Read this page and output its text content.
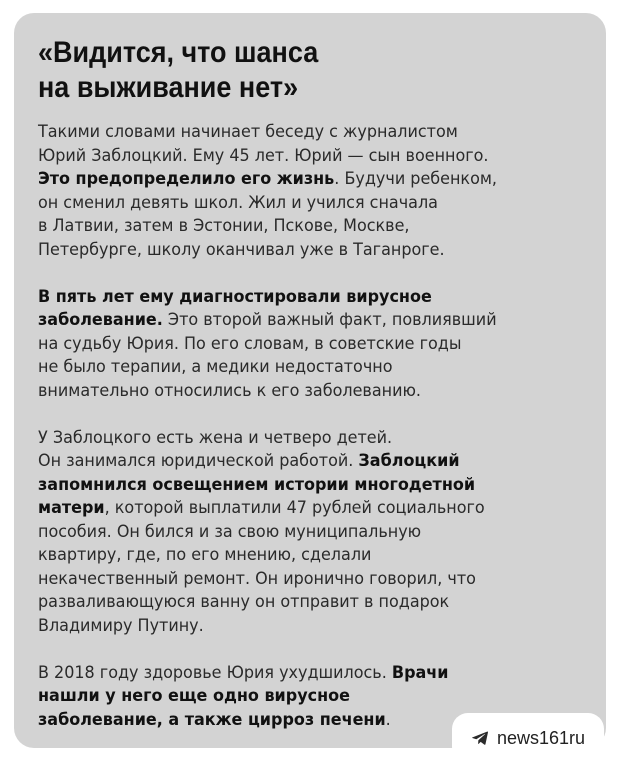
«Видится, что шанса
на выживание нет»

Такими словами начинает беседу с журналистом
Юрий Заблоцкий. Ему 45 лет. Юрий — сын военного.
Это предопределило его жизнь. Будучи ребенком,
он сменил девять школ. Жил и учился сначала
в Латвии, затем в Эстонии, Пскове, Москве,
Петербурге, школу оканчивал уже в Таганроге.

В пять лет ему диагностировали вирусное
заболевание. Это второй важный факт, повлиявший
на судьбу Юрия. По его словам, в советские годы
не было терапии, а медики недостаточно
внимательно относились к его заболеванию.

У Заблоцкого есть жена и четверо детей.
Он занимался юридической работой. Заблоцкий
запомнился освещением истории многодетной
матери, которой выплатили 47 рублей социального
пособия. Он бился и за свою муниципальную
квартиру, где, по его мнению, сделали
некачественный ремонт. Он иронично говорил, что
разваливающуюся ванну он отправит в подарок
Владимиру Путину.

В 2018 году здоровье Юрия ухудшилось. Врачи
нашли у него еще одно вирусное
заболевание, а также цирроз печени.

news161ru
